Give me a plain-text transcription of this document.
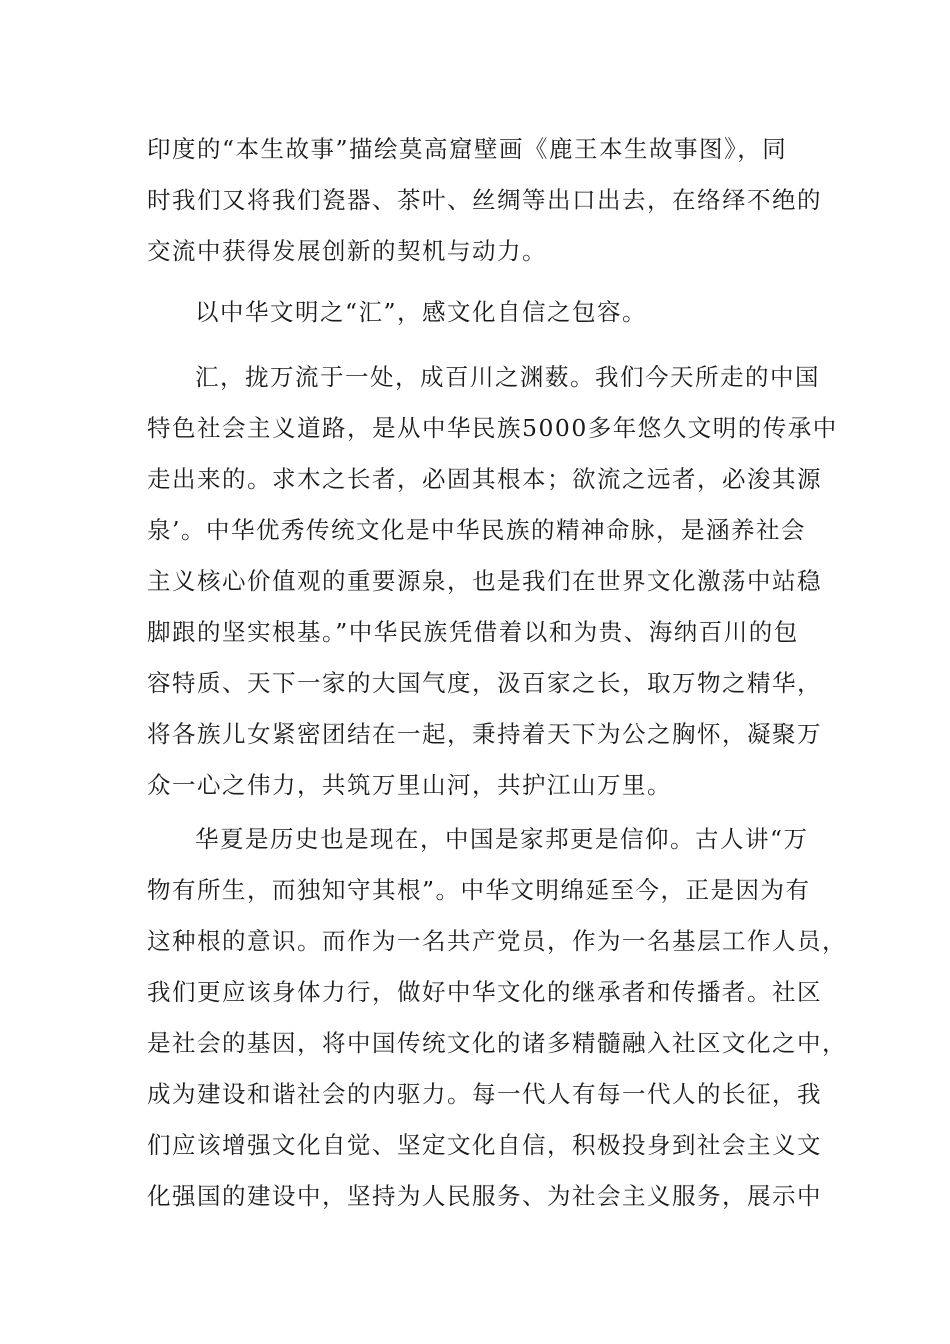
印度的“本生故事”描绘莫高窟壁画《鹿王本生故事图》，同
时我们又将我们瓷器、茶叶、丝绸等出口出去，在络绎不绝的
交流中获得发展创新的契机与动力。
以中华文明之“汇”，感文化自信之包容。
汇，拢万流于一处，成百川之渊薮。我们今天所走的中国
特色社会主义道路，是从中华民族5000多年悠久文明的传承中
走出来的。求木之长者，必固其根本；欲流之远者，必浚其源
泉’。中华优秀传统文化是中华民族的精神命脉，是涵养社会
主义核心价值观的重要源泉，也是我们在世界文化激荡中站稳
脚跟的坚实根基。”中华民族凭借着以和为贵、海纳百川的包
容特质、天下一家的大国气度，汲百家之长，取万物之精华，
将各族儿女紧密团结在一起，秉持着天下为公之胸怀，凝聚万
众一心之伟力，共筑万里山河，共护江山万里。
华夏是历史也是现在，中国是家邦更是信仰。古人讲“万
物有所生，而独知守其根”。中华文明绵延至今，正是因为有
这种根的意识。而作为一名共产党员，作为一名基层工作人员，
我们更应该身体力行，做好中华文化的继承者和传播者。社区
是社会的基因，将中国传统文化的诸多精髓融入社区文化之中，
成为建设和谐社会的内驱力。每一代人有每一代人的长征，我
们应该增强文化自觉、坚定文化自信，积极投身到社会主义文
化强国的建设中，坚持为人民服务、为社会主义服务，展示中
